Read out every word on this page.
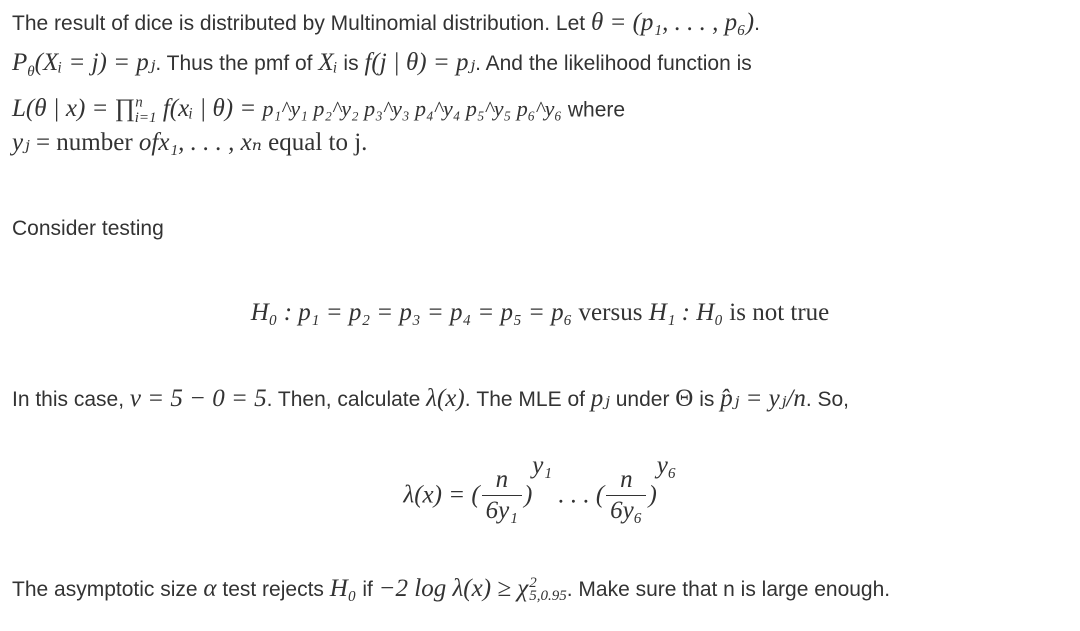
The result of dice is distributed by Multinomial distribution. Let θ = (p₁, . . . , p₆).
$P_\theta(Xᵢ = j)$ = pⱼ. Thus the pmf of Xᵢ is f(j | θ) = pⱼ. And the likelihood function is
L(θ | x) = ∏$^n_{i=1}$ f(xᵢ | θ) = p₁^y₁ p₂^y₂ p₃^y₃ p₄^y₄ p₅^y₅ p₆^y₆ where
yⱼ = number ofx₁, . . . , xₙ equal to j.
Consider testing
H₀ : p₁ = p₂ = p₃ = p₄ = p₅ = p₆ versus H₁ : H₀ is not true
In this case, v = 5 − 0 = 5. Then, calculate λ(x). The MLE of pⱼ under Θ is p̂ⱼ = yⱼ/n. So,
λ(x) = ( $\frac{n}{\text{6y₁}} )^{y_1}$ . . . ( $\frac{n}{\text{6y₆}} )^{y_6}$
The asymptotic size α test rejects H₀ if −2 log λ(x) ≥ χ 2
5,0.95 . Make sure that n is large enough.
